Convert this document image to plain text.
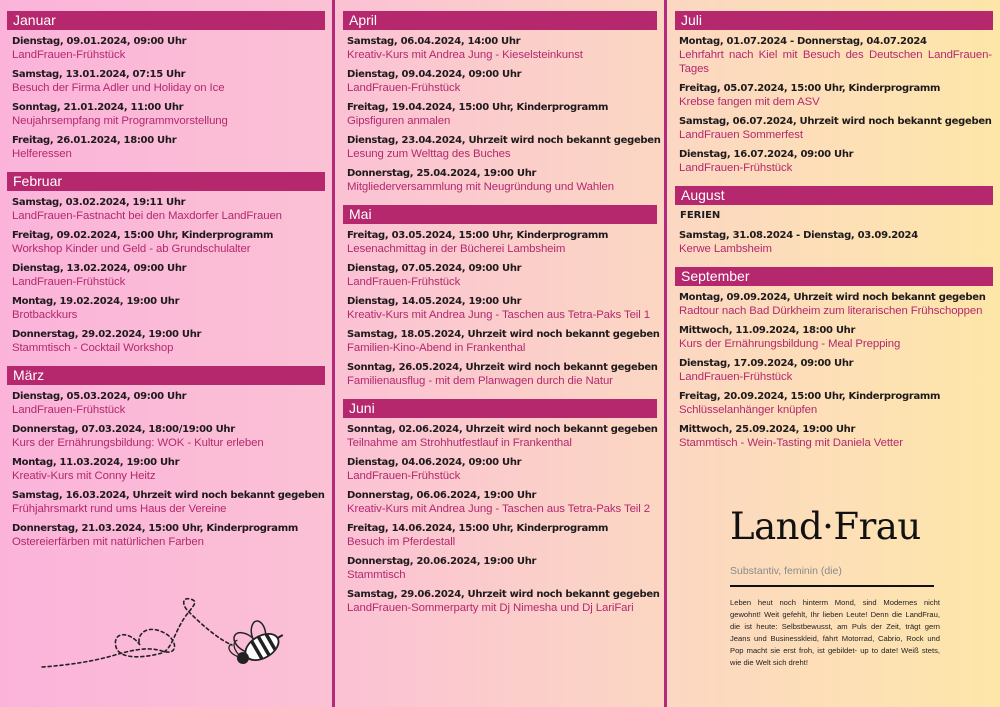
Januar
Dienstag, 09.01.2024, 09:00 Uhr
LandFrauen-Frühstück
Samstag, 13.01.2024, 07:15 Uhr
Besuch der Firma Adler und Holiday on Ice
Sonntag, 21.01.2024, 11:00 Uhr
Neujahrsempfang mit Programmvorstellung
Freitag, 26.01.2024, 18:00 Uhr
Helferessen
Februar
Samstag, 03.02.2024, 19:11 Uhr
LandFrauen-Fastnacht bei den Maxdorfer LandFrauen
Freitag, 09.02.2024, 15:00 Uhr, Kinderprogramm
Workshop Kinder und Geld - ab Grundschulalter
Dienstag, 13.02.2024, 09:00 Uhr
LandFrauen-Frühstück
Montag, 19.02.2024, 19:00 Uhr
Brotbackkurs
Donnerstag, 29.02.2024, 19:00 Uhr
Stammtisch - Cocktail Workshop
März
Dienstag, 05.03.2024, 09:00 Uhr
LandFrauen-Frühstück
Donnerstag, 07.03.2024, 18:00/19:00 Uhr
Kurs der Ernährungsbildung: WOK - Kultur erleben
Montag, 11.03.2024, 19:00 Uhr
Kreativ-Kurs mit Conny Heitz
Samstag, 16.03.2024, Uhrzeit wird noch bekannt gegeben
Frühjahrsmarkt rund ums Haus der Vereine
Donnerstag, 21.03.2024, 15:00 Uhr, Kinderprogramm
Ostereierfärben mit natürlichen Farben
April
Samstag, 06.04.2024, 14:00 Uhr
Kreativ-Kurs mit Andrea Jung - Kieselsteinkunst
Dienstag, 09.04.2024, 09:00 Uhr
LandFrauen-Frühstück
Freitag, 19.04.2024, 15:00 Uhr, Kinderprogramm
Gipsfiguren anmalen
Dienstag, 23.04.2024, Uhrzeit wird noch bekannt gegeben
Lesung zum Welttag des Buches
Donnerstag, 25.04.2024, 19:00 Uhr
Mitgliederversammlung mit Neugründung und Wahlen
Mai
Freitag, 03.05.2024, 15:00 Uhr, Kinderprogramm
Lesenachmittag in der Bücherei Lambsheim
Dienstag, 07.05.2024, 09:00 Uhr
LandFrauen-Frühstück
Dienstag, 14.05.2024, 19:00 Uhr
Kreativ-Kurs mit Andrea Jung - Taschen aus Tetra-Paks Teil 1
Samstag, 18.05.2024, Uhrzeit wird noch bekannt gegeben
Familien-Kino-Abend in Frankenthal
Sonntag, 26.05.2024, Uhrzeit wird noch bekannt gegeben
Familienausflug - mit dem Planwagen durch die Natur
Juni
Sonntag, 02.06.2024, Uhrzeit wird noch bekannt gegeben
Teilnahme am Strohhutfestlauf in Frankenthal
Dienstag, 04.06.2024, 09:00 Uhr
LandFrauen-Frühstück
Donnerstag, 06.06.2024, 19:00 Uhr
Kreativ-Kurs mit Andrea Jung - Taschen aus Tetra-Paks Teil 2
Freitag, 14.06.2024, 15:00 Uhr, Kinderprogramm
Besuch im Pferdestall
Donnerstag, 20.06.2024, 19:00 Uhr
Stammtisch
Samstag, 29.06.2024, Uhrzeit wird noch bekannt gegeben
LandFrauen-Sommerparty mit Dj Nimesha und Dj LariFari
Juli
Montag, 01.07.2024 - Donnerstag, 04.07.2024
Lehrfahrt nach Kiel mit Besuch des Deutschen LandFrauen-Tages
Freitag, 05.07.2024, 15:00 Uhr, Kinderprogramm
Krebse fangen mit dem ASV
Samstag, 06.07.2024, Uhrzeit wird noch bekannt gegeben
LandFrauen Sommerfest
Dienstag, 16.07.2024, 09:00 Uhr
LandFrauen-Frühstück
August
FERIEN
Samstag, 31.08.2024 - Dienstag, 03.09.2024
Kerwe Lambsheim
September
Montag, 09.09.2024, Uhrzeit wird noch bekannt gegeben
Radtour nach Bad Dürkheim zum literarischen Frühschoppen
Mittwoch, 11.09.2024, 18:00 Uhr
Kurs der Ernährungsbildung - Meal Prepping
Dienstag, 17.09.2024, 09:00 Uhr
LandFrauen-Frühstück
Freitag, 20.09.2024, 15:00 Uhr, Kinderprogramm
Schlüsselanhänger knüpfen
Mittwoch, 25.09.2024, 19:00 Uhr
Stammtisch - Wein-Tasting mit Daniela Vetter
Land·Frau
Substantiv, feminin (die)
Leben heut noch hinterm Mond, sind Modernes nicht gewohnt! Weit gefehlt, Ihr lieben Leute! Denn die LandFrau, die ist heute: Selbstbewusst, am Puls der Zeit, trägt gern Jeans und Businesskleid, fährt Motorrad, Cabrio, Rock und Pop macht sie erst froh, ist gebildet- up to date! Weiß stets, wie die Welt sich dreht!
